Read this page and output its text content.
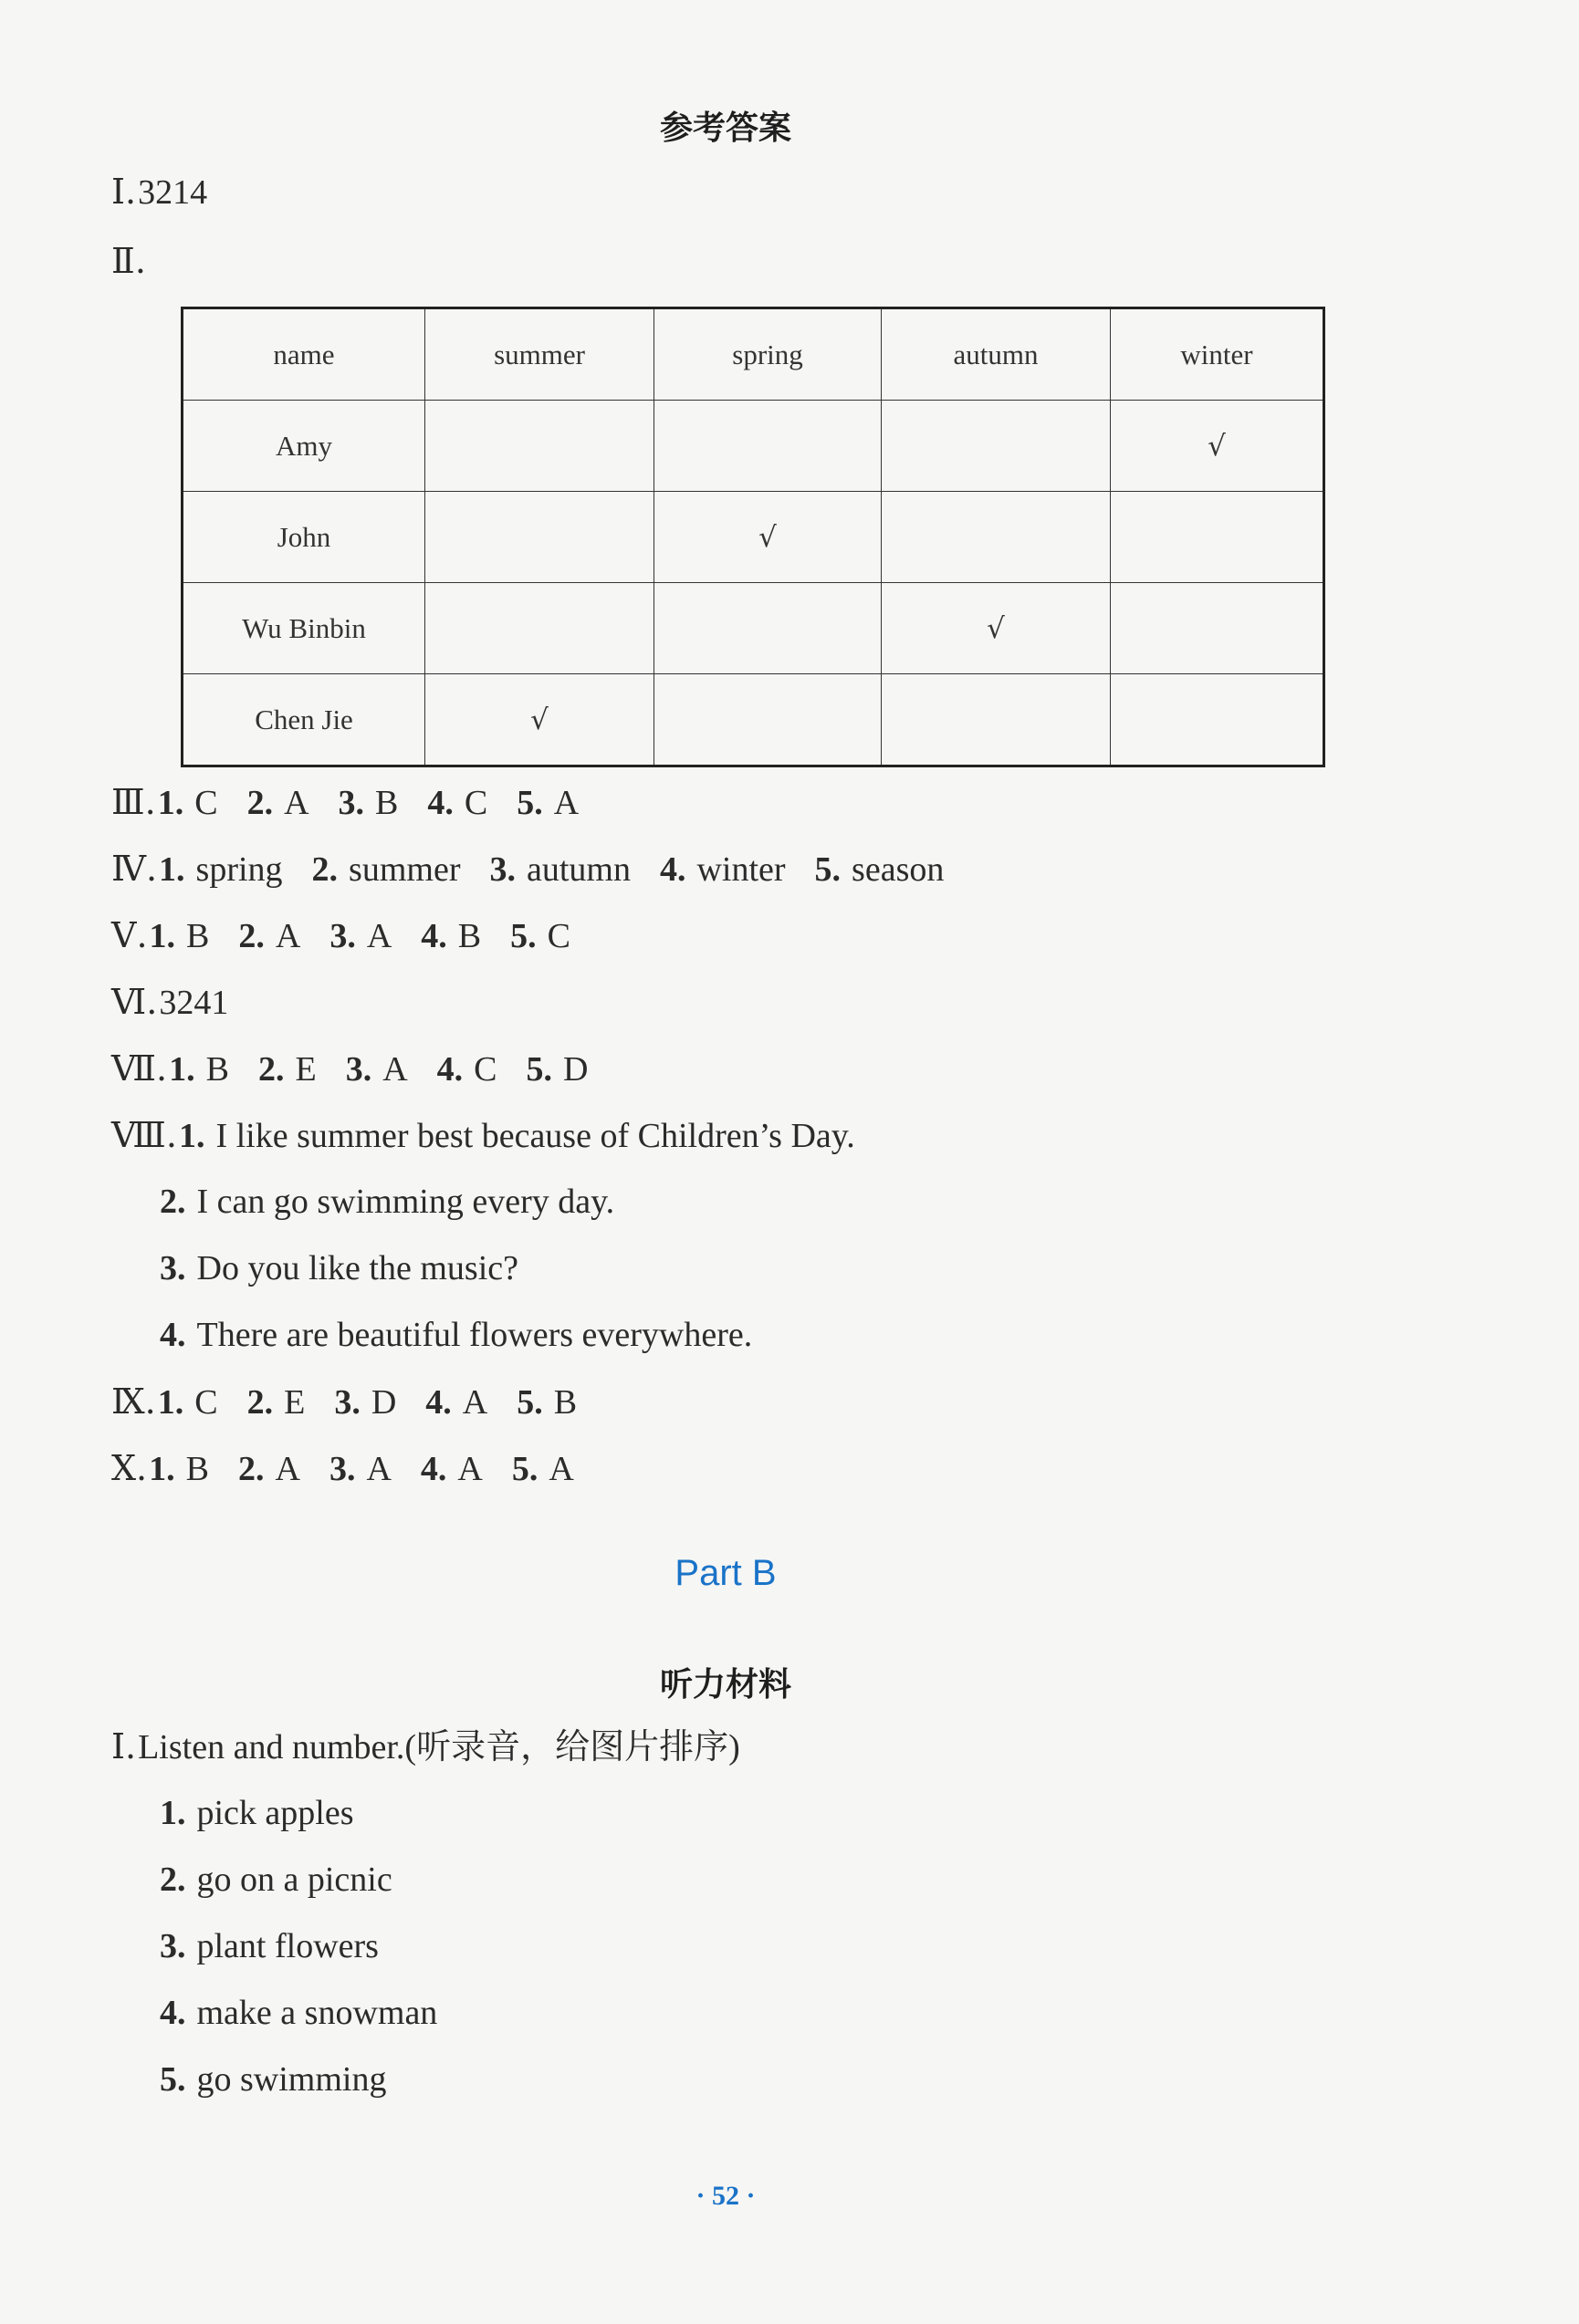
参考答案
Ⅰ.3214
Ⅱ.
name	summer	spring	autumn	winter
Amy				√
John		√		
Wu Binbin			√	
Chen Jie	√			
Ⅲ.1. C 2. A 3. B 4. C 5. A
Ⅳ.1. spring 2. summer 3. autumn 4. winter 5. season
Ⅴ.1. B 2. A 3. A 4. B 5. C
Ⅵ.3241
Ⅶ.1. B 2. E 3. A 4. C 5. D
Ⅷ.1. I like summer best because of Children’s Day.
2. I can go swimming every day.
3. Do you like the music?
4. There are beautiful flowers everywhere.
Ⅸ.1. C 2. E 3. D 4. A 5. B
Ⅹ.1. B 2. A 3. A 4. A 5. A
Part B
听力材料
Ⅰ.Listen and number.(听录音，给图片排序)
1. pick apples
2. go on a picnic
3. plant flowers
4. make a snowman
5. go swimming
· 52 ·
